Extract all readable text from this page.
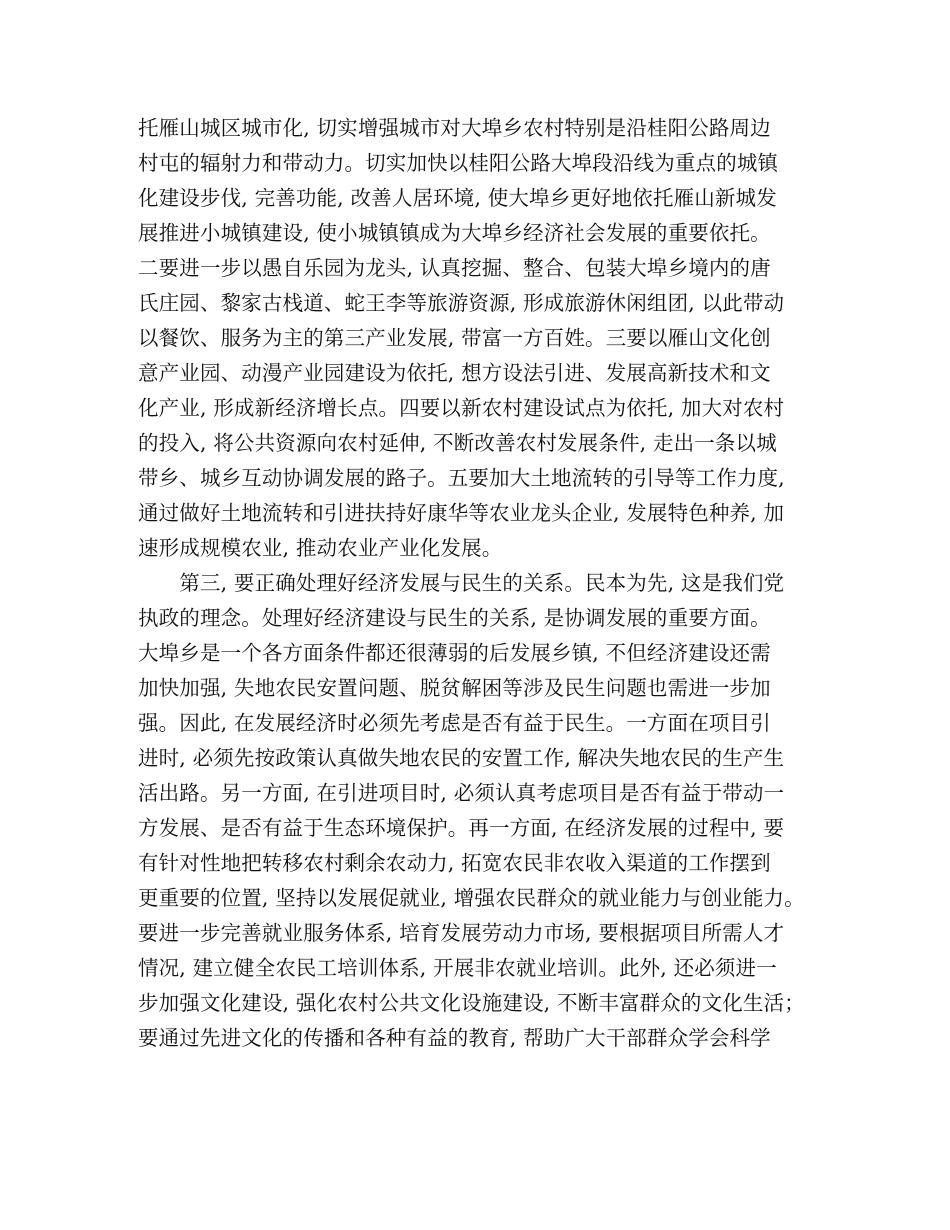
托雁山城区城市化, 切实增强城市对大埠乡农村特别是沿桂阳公路周边
村屯的辐射力和带动力。切实加快以桂阳公路大埠段沿线为重点的城镇
化建设步伐, 完善功能, 改善人居环境, 使大埠乡更好地依托雁山新城发
展推进小城镇建设, 使小城镇镇成为大埠乡经济社会发展的重要依托。
二要进一步以愚自乐园为龙头, 认真挖掘、整合、包装大埠乡境内的唐
氏庄园、黎家古栈道、蛇王李等旅游资源, 形成旅游休闲组团, 以此带动
以餐饮、服务为主的第三产业发展, 带富一方百姓。三要以雁山文化创
意产业园、动漫产业园建设为依托, 想方设法引进、发展高新技术和文
化产业, 形成新经济增长点。四要以新农村建设试点为依托, 加大对农村
的投入, 将公共资源向农村延伸, 不断改善农村发展条件, 走出一条以城
带乡、城乡互动协调发展的路子。五要加大土地流转的引导等工作力度,
通过做好土地流转和引进扶持好康华等农业龙头企业, 发展特色种养, 加
速形成规模农业, 推动农业产业化发展。
　　第三, 要正确处理好经济发展与民生的关系。民本为先, 这是我们党
执政的理念。处理好经济建设与民生的关系, 是协调发展的重要方面。
大埠乡是一个各方面条件都还很薄弱的后发展乡镇, 不但经济建设还需
加快加强, 失地农民安置问题、脱贫解困等涉及民生问题也需进一步加
强。因此, 在发展经济时必须先考虑是否有益于民生。一方面在项目引
进时, 必须先按政策认真做失地农民的安置工作, 解决失地农民的生产生
活出路。另一方面, 在引进项目时, 必须认真考虑项目是否有益于带动一
方发展、是否有益于生态环境保护。再一方面, 在经济发展的过程中, 要
有针对性地把转移农村剩余农动力, 拓宽农民非农收入渠道的工作摆到
更重要的位置, 坚持以发展促就业, 增强农民群众的就业能力与创业能力。
要进一步完善就业服务体系, 培育发展劳动力市场, 要根据项目所需人才
情况, 建立健全农民工培训体系, 开展非农就业培训。此外, 还必须进一
步加强文化建设, 强化农村公共文化设施建设, 不断丰富群众的文化生活；
要通过先进文化的传播和各种有益的教育, 帮助广大干部群众学会科学
